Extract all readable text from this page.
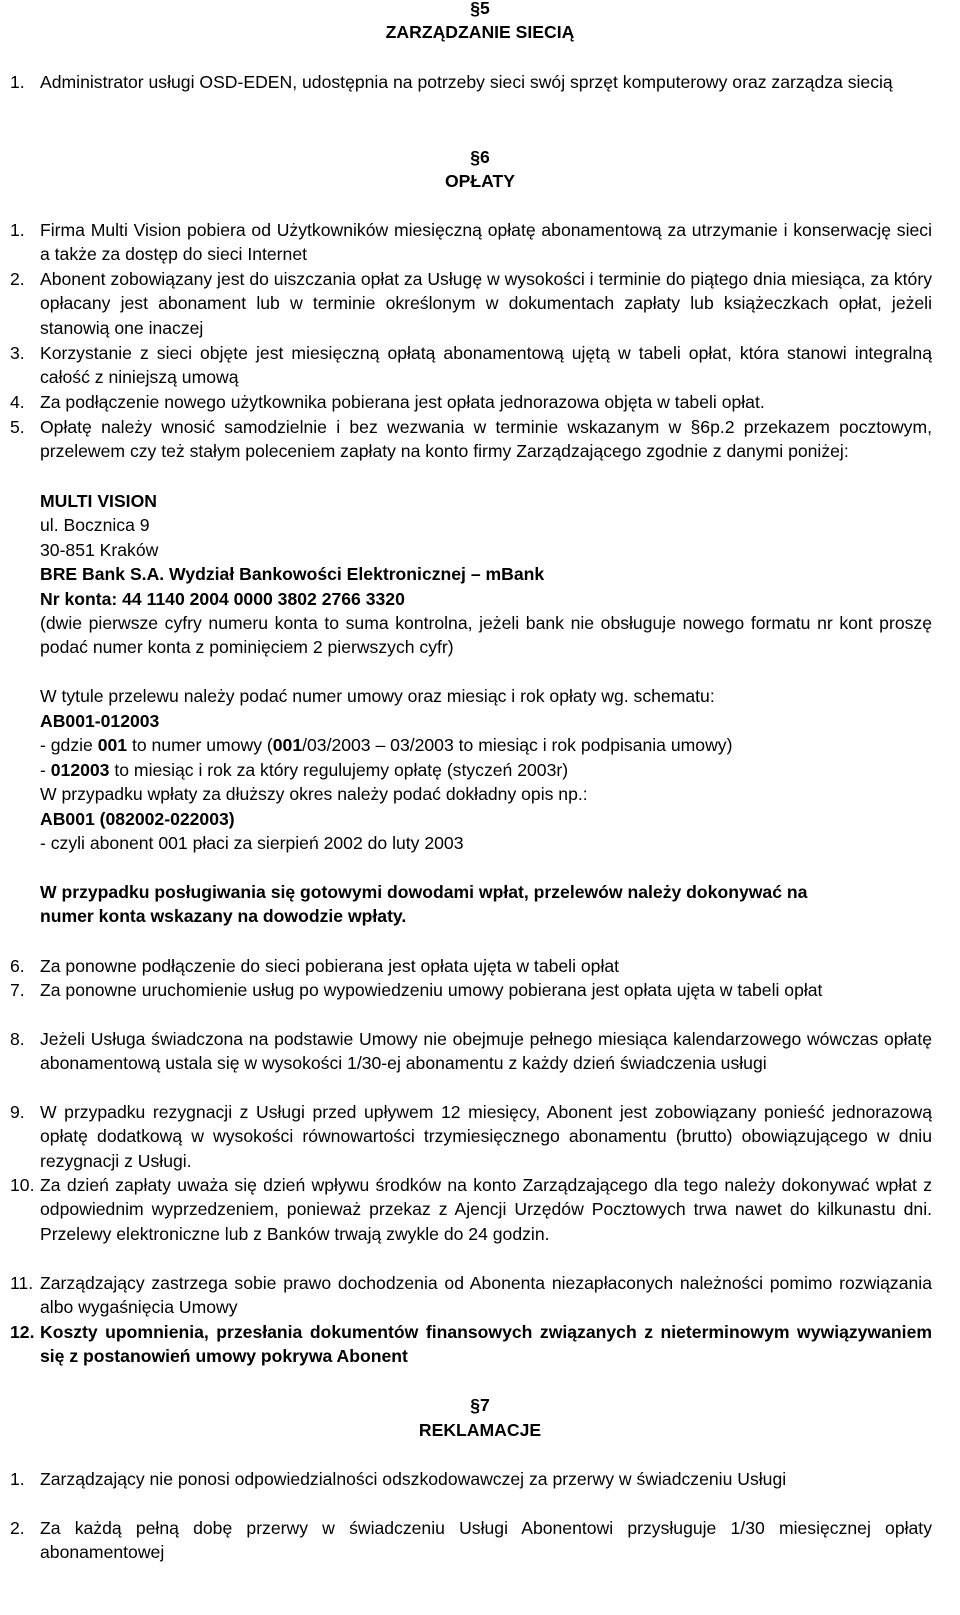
§5
ZARZĄDZANIE SIECIĄ
1. Administrator usługi OSD-EDEN, udostępnia na potrzeby sieci swój sprzęt komputerowy oraz zarządza siecią
§6
OPŁATY
1. Firma Multi Vision pobiera od Użytkowników miesięczną opłatę abonamentową za utrzymanie i konserwację sieci a także za dostęp do sieci Internet
2. Abonent zobowiązany jest do uiszczania opłat za Usługę w wysokości i terminie do piątego dnia miesiąca, za który opłacany jest abonament lub w terminie określonym w dokumentach zapłaty lub książeczkach opłat, jeżeli stanowią one inaczej
3. Korzystanie z sieci objęte jest miesięczną opłatą abonamentową ujętą w tabeli opłat, która stanowi integralną całość z niniejszą umową
4. Za podłączenie nowego użytkownika pobierana jest opłata jednorazowa objęta w tabeli opłat.
5. Opłatę należy wnosić samodzielnie i bez wezwania w terminie wskazanym w §6p.2 przekazem pocztowym, przelewem czy też stałym poleceniem zapłaty na konto firmy Zarządzającego zgodnie z danymi poniżej:
MULTI VISION
ul. Bocznica 9
30-851 Kraków
BRE Bank S.A. Wydział Bankowości Elektronicznej – mBank
Nr konta: 44 1140 2004 0000 3802 2766 3320
(dwie pierwsze cyfry numeru konta to suma kontrolna, jeżeli bank nie obsługuje nowego formatu nr kont proszę podać numer konta z pominięciem 2 pierwszych cyfr)
W tytule przelewu należy podać numer umowy oraz miesiąc i rok opłaty wg. schematu:
AB001-012003
- gdzie 001 to numer umowy (001/03/2003 – 03/2003 to miesiąc i rok podpisania umowy)
- 012003 to miesiąc i rok za który regulujemy opłatę (styczeń 2003r)
W przypadku wpłaty za dłuższy okres należy podać dokładny opis np.:
AB001 (082002-022003)
- czyli abonent 001 płaci za sierpień 2002 do luty 2003
W przypadku posługiwania się gotowymi dowodami wpłat, przelewów należy dokonywać na numer konta wskazany na dowodzie wpłaty.
6. Za ponowne podłączenie do sieci pobierana jest opłata ujęta w tabeli opłat
7. Za ponowne uruchomienie usług po wypowiedzeniu umowy pobierana jest opłata ujęta w tabeli opłat
8. Jeżeli Usługa świadczona na podstawie Umowy nie obejmuje pełnego miesiąca kalendarzowego wówczas opłatę abonamentową ustala się w wysokości 1/30-ej abonamentu z każdy dzień świadczenia usługi
9. W przypadku rezygnacji z Usługi przed upływem 12 miesięcy, Abonent jest zobowiązany ponieść jednorazową opłatę dodatkową w wysokości równowartości trzymiesięcznego abonamentu (brutto) obowiązującego w dniu rezygnacji z Usługi.
10. Za dzień zapłaty uważa się dzień wpływu środków na konto Zarządzającego dla tego należy dokonywać wpłat z odpowiednim wyprzedzeniem, ponieważ przekaz z Ajencji Urzędów Pocztowych trwa nawet do kilkunastu dni. Przelewy elektroniczne lub z Banków trwają zwykle do 24 godzin.
11. Zarządzający zastrzega sobie prawo dochodzenia od Abonenta niezapłaconych należności pomimo rozwiązania albo wygaśnięcia Umowy
12. Koszty upomnienia, przesłania dokumentów finansowych związanych z nieterminowym wywiązywaniem się z postanowień umowy pokrywa Abonent
§7
REKLAMACJE
1. Zarządzający nie ponosi odpowiedzialności odszkodowawczej za przerwy w świadczeniu Usługi
2. Za każdą pełną dobę przerwy w świadczeniu Usługi Abonentowi przysługuje 1/30 miesięcznej opłaty abonamentowej
